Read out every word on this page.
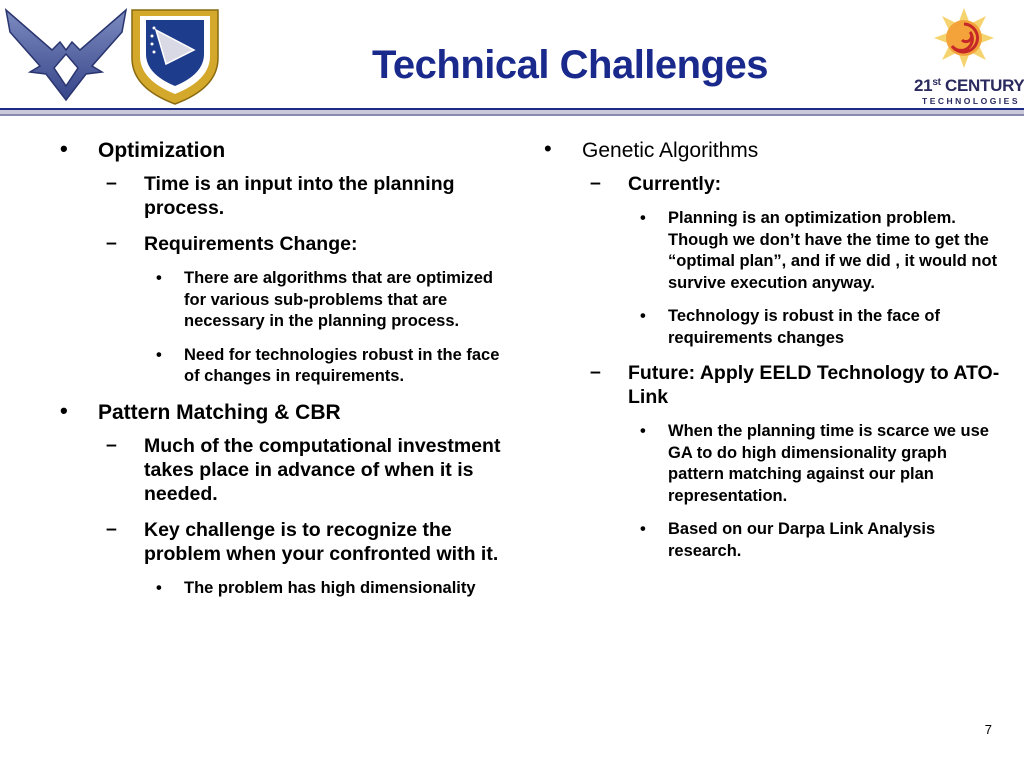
Technical Challenges	21st CENTURY
TECHNOLOGIES
• Optimization
– Time is an input into the planning process.
– Requirements Change:
• There are algorithms that are optimized for various sub-problems that are necessary in the planning process.
• Need for technologies robust in the face of changes in requirements.
• Pattern Matching & CBR
– Much of the computational investment takes place in advance of when it is needed.
– Key challenge is to recognize the problem when your confronted with it.
• The problem has high dimensionality
• Genetic Algorithms
– Currently:
• Planning is an optimization problem. Though we don’t have the time to get the “optimal plan”, and if we did , it would not survive execution anyway.
• Technology is robust in the face of requirements changes
– Future: Apply EELD Technology to ATO-Link
• When the planning time is scarce we use GA to do high dimensionality graph pattern matching against our plan representation.
• Based on our Darpa Link Analysis research.
7
